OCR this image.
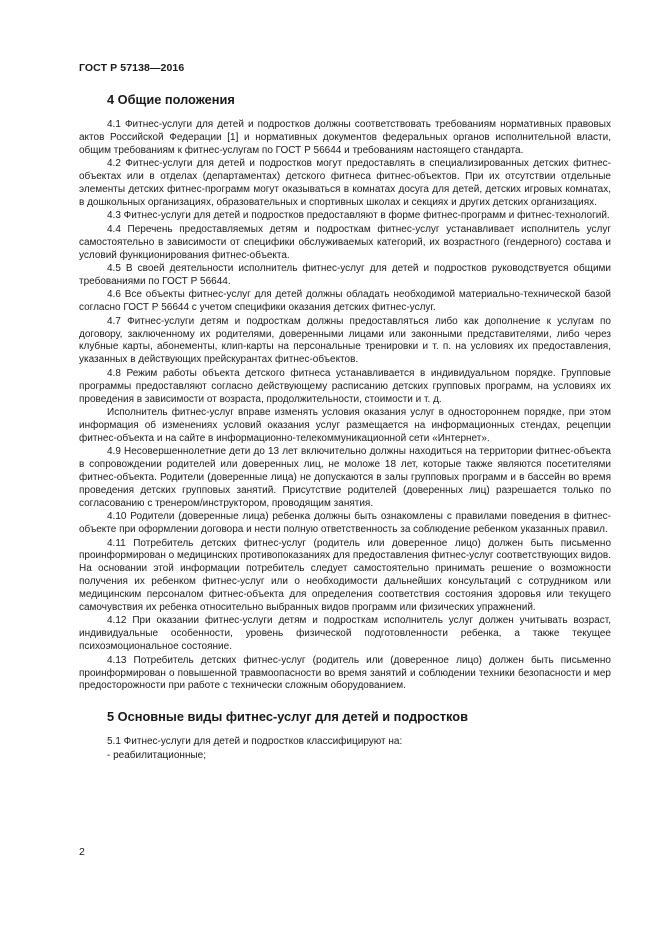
ГОСТ Р 57138—2016
4 Общие положения

4.1 Фитнес-услуги для детей и подростков должны соответствовать требованиям нормативных правовых актов Российской Федерации [1] и нормативных документов федеральных органов исполнительной власти, общим требованиям к фитнес-услугам по ГОСТ Р 56644 и требованиям настоящего стандарта.

4.2 Фитнес-услуги для детей и подростков могут предоставлять в специализированных детских фитнес-объектах или в отделах (департаментах) детского фитнеса фитнес-объектов. При их отсутствии отдельные элементы детских фитнес-программ могут оказываться в комнатах досуга для детей, детских игровых комнатах, в дошкольных организациях, образовательных и спортивных школах и секциях и других детских организациях.

4.3 Фитнес-услуги для детей и подростков предоставляют в форме фитнес-программ и фитнес-технологий.

4.4 Перечень предоставляемых детям и подросткам фитнес-услуг устанавливает исполнитель услуг самостоятельно в зависимости от специфики обслуживаемых категорий, их возрастного (гендерного) состава и условий функционирования фитнес-объекта.

4.5 В своей деятельности исполнитель фитнес-услуг для детей и подростков руководствуется общими требованиями по ГОСТ Р 56644.

4.6 Все объекты фитнес-услуг для детей должны обладать необходимой материально-технической базой согласно ГОСТ Р 56644 с учетом специфики оказания детских фитнес-услуг.

4.7 Фитнес-услуги детям и подросткам должны предоставляться либо как дополнение к услугам по договору, заключенному их родителями, доверенными лицами или законными представителями, либо через клубные карты, абонементы, клип-карты на персональные тренировки и т. п. на условиях их предоставления, указанных в действующих прейскурантах фитнес-объектов.

4.8 Режим работы объекта детского фитнеса устанавливается в индивидуальном порядке. Групповые программы предоставляют согласно действующему расписанию детских групповых программ, на условиях их проведения в зависимости от возраста, продолжительности, стоимости и т. д.

Исполнитель фитнес-услуг вправе изменять условия оказания услуг в одностороннем порядке, при этом информация об изменениях условий оказания услуг размещается на информационных стендах, рецепции фитнес-объекта и на сайте в информационно-телекоммуникационной сети «Интернет».

4.9 Несовершеннолетние дети до 13 лет включительно должны находиться на территории фитнес-объекта в сопровождении родителей или доверенных лиц, не моложе 18 лет, которые также являются посетителями фитнес-объекта. Родители (доверенные лица) не допускаются в залы групповых программ и в бассейн во время проведения детских групповых занятий. Присутствие родителей (доверенных лиц) разрешается только по согласованию с тренером/инструктором, проводящим занятия.

4.10 Родители (доверенные лица) ребенка должны быть ознакомлены с правилами поведения в фитнес-объекте при оформлении договора и нести полную ответственность за соблюдение ребенком указанных правил.

4.11 Потребитель детских фитнес-услуг (родитель или доверенное лицо) должен быть письменно проинформирован о медицинских противопоказаниях для предоставления фитнес-услуг соответствующих видов. На основании этой информации потребитель следует самостоятельно принимать решение о возможности получения их ребенком фитнес-услуг или о необходимости дальнейших консультаций с сотрудником или медицинским персоналом фитнес-объекта для определения соответствия состояния здоровья или текущего самочувствия их ребенка относительно выбранных видов программ или физических упражнений.

4.12 При оказании фитнес-услуги детям и подросткам исполнитель услуг должен учитывать возраст, индивидуальные особенности, уровень физической подготовленности ребенка, а также текущее психоэмоциональное состояние.

4.13 Потребитель детских фитнес-услуг (родитель или (доверенное лицо) должен быть письменно проинформирован о повышенной травмоопасности во время занятий и соблюдении техники безопасности и мер предосторожности при работе с технически сложным оборудованием.

5 Основные виды фитнес-услуг для детей и подростков

5.1 Фитнес-услуги для детей и подростков классифицируют на:

- реабилитационные;
2
